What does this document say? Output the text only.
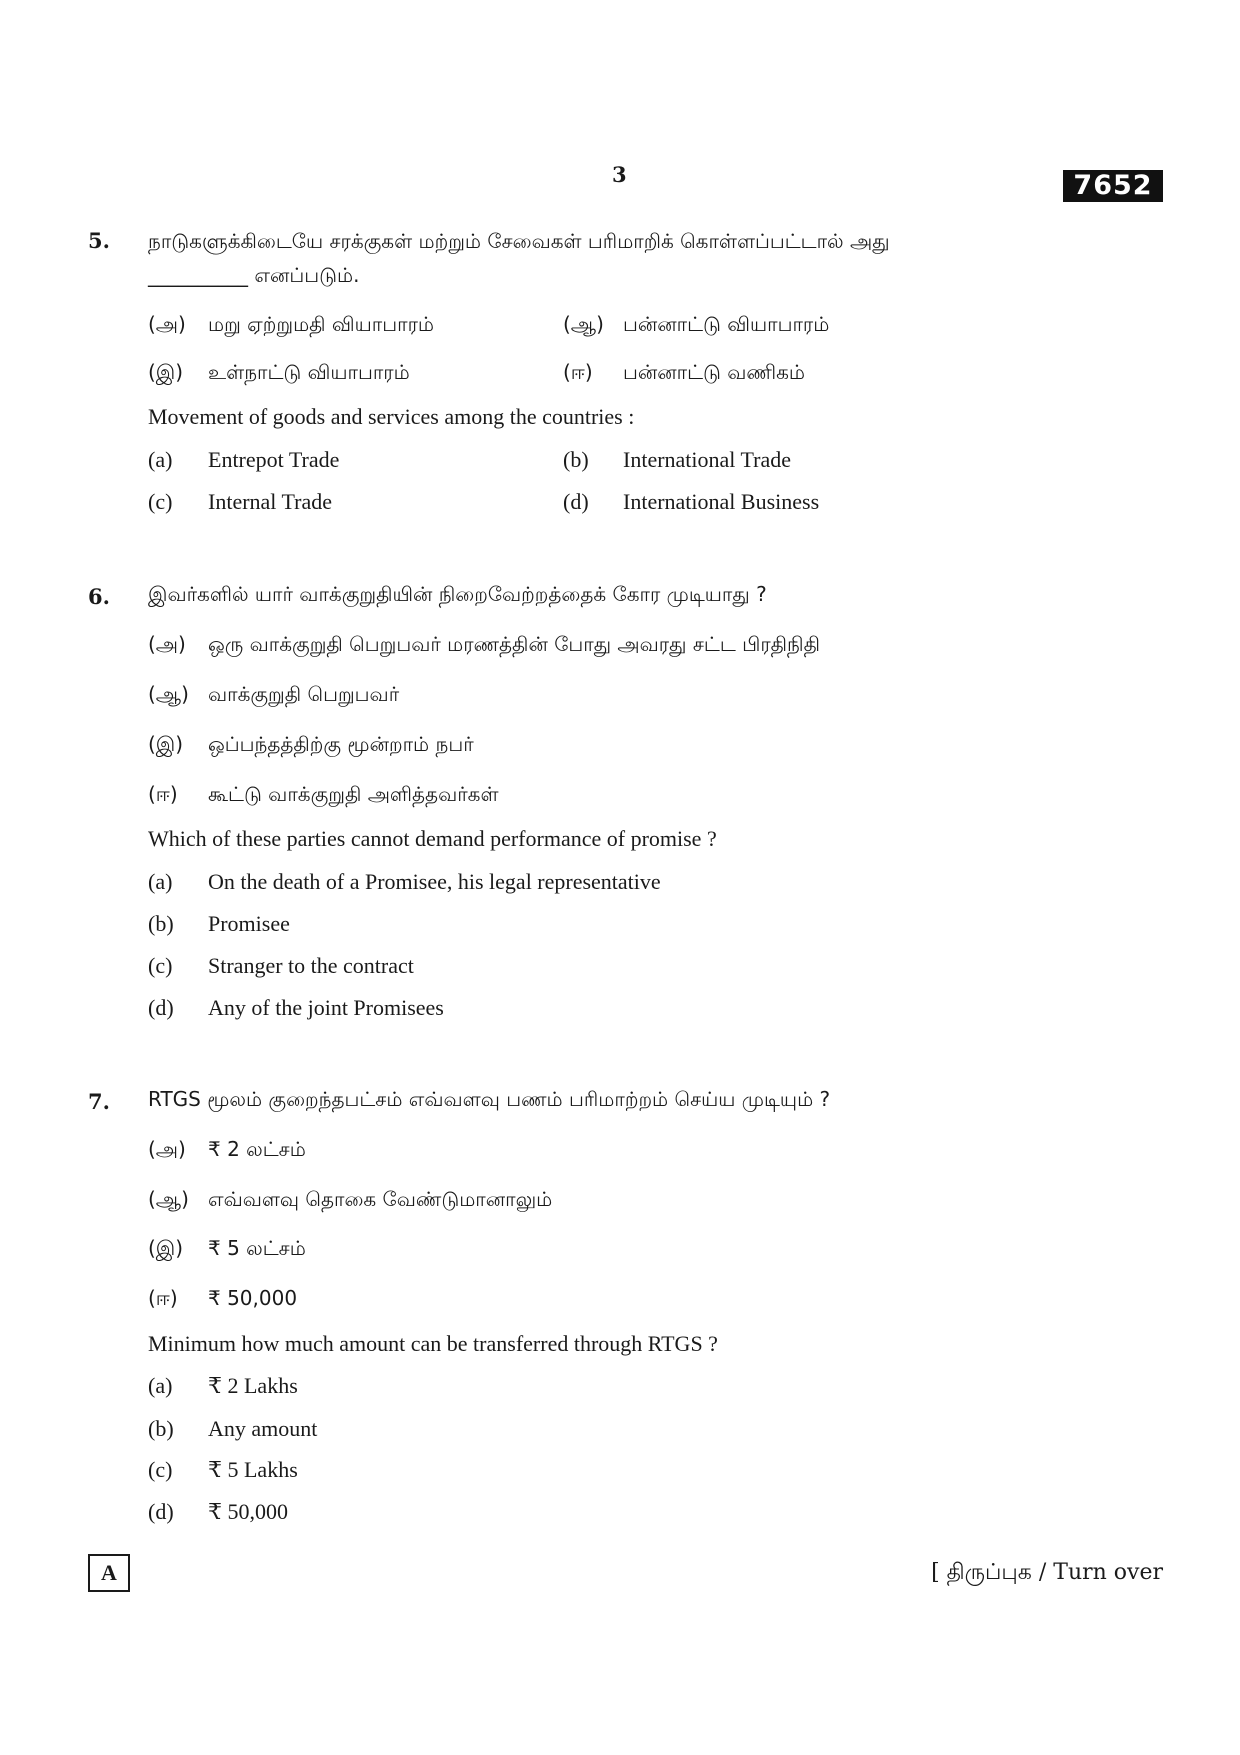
3	7652
5. நாடுகளுக்கிடையே சரக்குகள் மற்றும் சேவைகள் பரிமாறிக் கொள்ளப்பட்டால் அது
__________ எனப்படும்.
(அ) மறு ஏற்றுமதி வியாபாரம்	(ஆ) பன்னாட்டு வியாபாரம்
(இ) உள்நாட்டு வியாபாரம்	(ஈ) பன்னாட்டு வணிகம்
Movement of goods and services among the countries :
(a) Entrepot Trade	(b) International Trade
(c) Internal Trade	(d) International Business
6. இவர்களில் யார் வாக்குறுதியின் நிறைவேற்றத்தைக் கோர முடியாது ?
(அ) ஒரு வாக்குறுதி பெறுபவர் மரணத்தின் போது அவரது சட்ட பிரதிநிதி
(ஆ) வாக்குறுதி பெறுபவர்
(இ) ஒப்பந்தத்திற்கு மூன்றாம் நபர்
(ஈ) கூட்டு வாக்குறுதி அளித்தவர்கள்
Which of these parties cannot demand performance of promise ?
(a) On the death of a Promisee, his legal representative
(b) Promisee
(c) Stranger to the contract
(d) Any of the joint Promisees
7. RTGS மூலம் குறைந்தபட்சம் எவ்வளவு பணம் பரிமாற்றம் செய்ய முடியும் ?
(அ) ₹ 2 லட்சம்
(ஆ) எவ்வளவு தொகை வேண்டுமானாலும்
(இ) ₹ 5 லட்சம்
(ஈ) ₹ 50,000
Minimum how much amount can be transferred through RTGS ?
(a) ₹ 2 Lakhs
(b) Any amount
(c) ₹ 5 Lakhs
(d) ₹ 50,000
A	[ திருப்புக / Turn over
